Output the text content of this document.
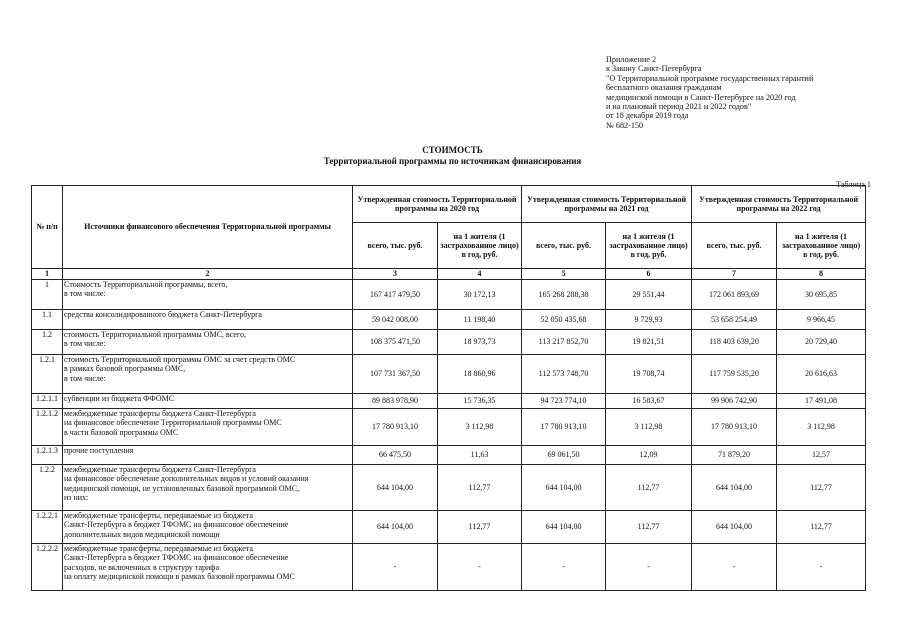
Приложение 2
к Закону Санкт-Петербурга
"О Территориальной программе государственных гарантий
бесплатного оказания гражданам
медицинской помощи в Санкт-Петербурге на 2020 год
и на плановый период 2021 и 2022 годов"
от 18 декабря 2019 года
№ 682-150
СТОИМОСТЬ
Территориальной программы по источникам финансирования
Таблица 1
№ п/п	Источники финансового обеспечения Территориальной программы	Утвержденная стоимость Территориальной программы на 2020 год		Утвержденная стоимость Территориальной программы на 2021 год		Утвержденная стоимость Территориальной программы на 2022 год	
		всего, тыс. руб.	на 1 жителя (1 застрахованное лицо) в год, руб.	всего, тыс. руб.	на 1 жителя (1 застрахованное лицо) в год, руб.	всего, тыс. руб.	на 1 жителя (1 застрахованное лицо) в год, руб.
1	2	3	4	5	6	7	8
1	Стоимость Территориальной программы, всего,
в том числе:	167 417 479,50	30 172,13	165 268 288,38	29 551,44	172 061 893,69	30 695,85
1.1	средства консолидированного бюджета Санкт-Петербурга	59 042 008,00	11 198,40	52 050 435,68	9 729,93	53 658 254,49	9 966,45
1.2	стоимость Территориальной программы ОМС, всего,
в том числе:	108 375 471,50	18 973,73	113 217 852,70	19 821,51	118 403 639,20	20 729,40
1.2.1	стоимость Территориальной программы ОМС за счет средств ОМС
в рамках базовой программы ОМС,
в том числе:	107 731 367,50	18 860,96	112 573 748,70	19 708,74	117 759 535,20	20 616,63
1.2.1.1	субвенции из бюджета ФФОМС	89 883 978,90	15 736,35	94 723 774,10	16 583,67	99 906 742,90	17 491,08
1.2.1.2	межбюджетные трансферты бюджета Санкт-Петербурга
на финансовое обеспечение Территориальной программы ОМС
в части базовой программы ОМС	17 780 913,10	3 112,98	17 780 913,10	3 112,98	17 780 913,10	3 112,98
1.2.1.3	прочие поступления	66 475,50	11,63	69 061,50	12,09	71 879,20	12,57
1.2.2	межбюджетные трансферты бюджета Санкт-Петербурга
на финансовое обеспечение дополнительных видов и условий оказания
медицинской помощи, не установленных базовой программой ОМС,
из них:	644 104,00	112,77	644 104,00	112,77	644 104,00	112,77
1.2.2.1	межбюджетные трансферты, передаваемые из бюджета
Санкт-Петербурга в бюджет ТФОМС на финансовое обеспечение
дополнительных видов медицинской помощи	644 104,00	112,77	644 104,00	112,77	644 104,00	112,77
1.2.2.2	межбюджетные трансферты, передаваемые из бюджета
Санкт-Петербурга в бюджет ТФОМС на финансовое обеспечение
расходов, не включенных в структуру тарифа
на оплату медицинской помощи в рамках базовой программы ОМС	-	-	-	-	-	-
